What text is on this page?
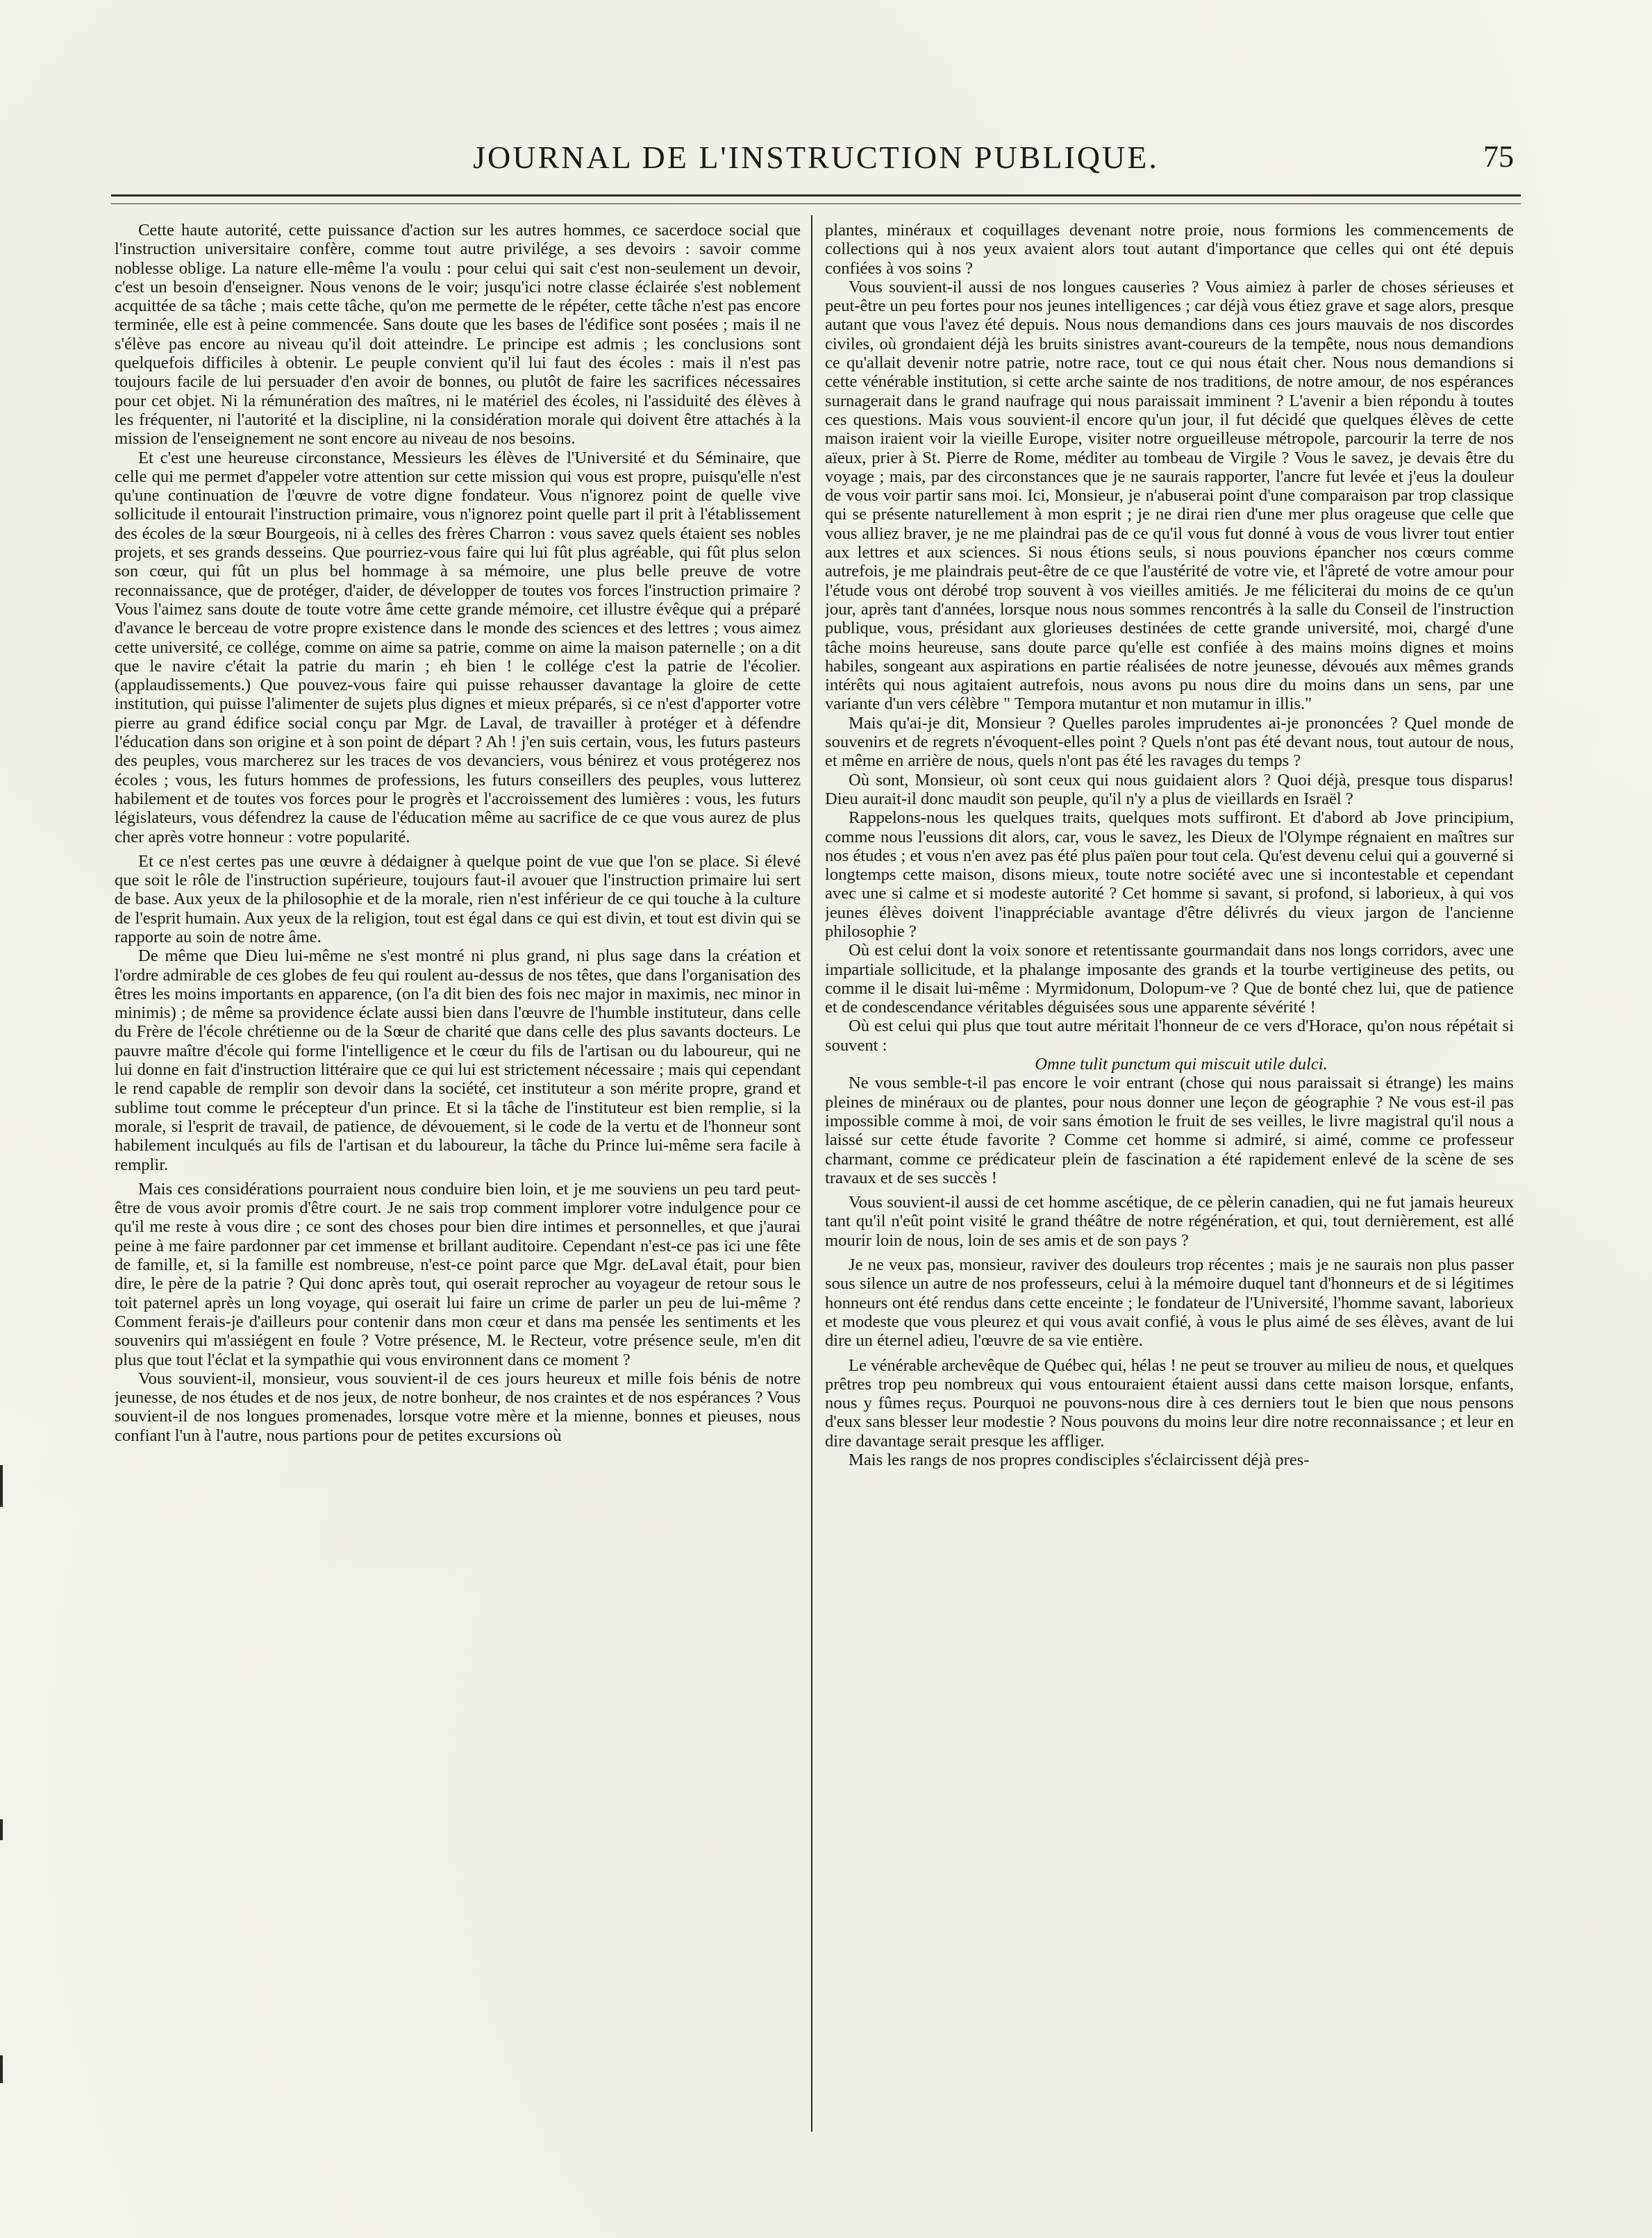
JOURNAL DE L'INSTRUCTION PUBLIQUE.	75

Cette haute autorité, cette puissance d'action sur les autres hommes, ce sacerdoce social que l'instruction universitaire confère, comme tout autre privilége, a ses devoirs : savoir comme noblesse oblige. La nature elle-même l'a voulu : pour celui qui sait c'est non-seulement un devoir, c'est un besoin d'enseigner. Nous venons de le voir; jusqu'ici notre classe éclairée s'est noblement acquittée de sa tâche ; mais cette tâche, qu'on me permette de le répéter, cette tâche n'est pas encore terminée, elle est à peine commencée. Sans doute que les bases de l'édifice sont posées ; mais il ne s'élève pas encore au niveau qu'il doit atteindre. Le principe est admis ; les conclusions sont quelquefois difficiles à obtenir. Le peuple convient qu'il lui faut des écoles : mais il n'est pas toujours facile de lui persuader d'en avoir de bonnes, ou plutôt de faire les sacrifices nécessaires pour cet objet. Ni la rémunération des maîtres, ni le matériel des écoles, ni l'assiduité des élèves à les fréquenter, ni l'autorité et la discipline, ni la considération morale qui doivent être attachés à la mission de l'enseignement ne sont encore au niveau de nos besoins.

Et c'est une heureuse circonstance, Messieurs les élèves de l'Université et du Séminaire, que celle qui me permet d'appeler votre attention sur cette mission qui vous est propre, puisqu'elle n'est qu'une continuation de l'œuvre de votre digne fondateur. Vous n'ignorez point de quelle vive sollicitude il entourait l'instruction primaire, vous n'ignorez point quelle part il prit à l'établissement des écoles de la sœur Bourgeois, ni à celles des frères Charron : vous savez quels étaient ses nobles projets, et ses grands desseins. Que pourriez-vous faire qui lui fût plus agréable, qui fût plus selon son cœur, qui fût un plus bel hommage à sa mémoire, une plus belle preuve de votre reconnaissance, que de protéger, d'aider, de développer de toutes vos forces l'instruction primaire ? Vous l'aimez sans doute de toute votre âme cette grande mémoire, cet illustre évêque qui a préparé d'avance le berceau de votre propre existence dans le monde des sciences et des lettres ; vous aimez cette université, ce collége, comme on aime sa patrie, comme on aime la maison paternelle ; on a dit que le navire c'était la patrie du marin ; eh bien ! le collége c'est la patrie de l'écolier. (applaudissements.) Que pouvez-vous faire qui puisse rehausser davantage la gloire de cette institution, qui puisse l'alimenter de sujets plus dignes et mieux préparés, si ce n'est d'apporter votre pierre au grand édifice social conçu par Mgr. de Laval, de travailler à protéger et à défendre l'éducation dans son origine et à son point de départ ? Ah ! j'en suis certain, vous, les futurs pasteurs des peuples, vous marcherez sur les traces de vos devanciers, vous bénirez et vous protégerez nos écoles ; vous, les futurs hommes de professions, les futurs conseillers des peuples, vous lutterez habilement et de toutes vos forces pour le progrès et l'accroissement des lumières : vous, les futurs législateurs, vous défendrez la cause de l'éducation même au sacrifice de ce que vous aurez de plus cher après votre honneur : votre popularité.

Et ce n'est certes pas une œuvre à dédaigner à quelque point de vue que l'on se place. Si élevé que soit le rôle de l'instruction supérieure, toujours faut-il avouer que l'instruction primaire lui sert de base. Aux yeux de la philosophie et de la morale, rien n'est inférieur de ce qui touche à la culture de l'esprit humain. Aux yeux de la religion, tout est égal dans ce qui est divin, et tout est divin qui se rapporte au soin de notre âme.

De même que Dieu lui-même ne s'est montré ni plus grand, ni plus sage dans la création et l'ordre admirable de ces globes de feu qui roulent au-dessus de nos têtes, que dans l'organisation des êtres les moins importants en apparence, (on l'a dit bien des fois nec major in maximis, nec minor in minimis) ; de même sa providence éclate aussi bien dans l'œuvre de l'humble instituteur, dans celle du Frère de l'école chrétienne ou de la Sœur de charité que dans celle des plus savants docteurs. Le pauvre maître d'école qui forme l'intelligence et le cœur du fils de l'artisan ou du laboureur, qui ne lui donne en fait d'instruction littéraire que ce qui lui est strictement nécessaire ; mais qui cependant le rend capable de remplir son devoir dans la société, cet instituteur a son mérite propre, grand et sublime tout comme le précepteur d'un prince. Et si la tâche de l'instituteur est bien remplie, si la morale, si l'esprit de travail, de patience, de dévouement, si le code de la vertu et de l'honneur sont habilement inculqués au fils de l'artisan et du laboureur, la tâche du Prince lui-même sera facile à remplir.

Mais ces considérations pourraient nous conduire bien loin, et je me souviens un peu tard peut-être de vous avoir promis d'être court. Je ne sais trop comment implorer votre indulgence pour ce qu'il me reste à vous dire ; ce sont des choses pour bien dire intimes et personnelles, et que j'aurai peine à me faire pardonner par cet immense et brillant auditoire. Cependant n'est-ce pas ici une fête de famille, et, si la famille est nombreuse, n'est-ce point parce que Mgr. deLaval était, pour bien dire, le père de la patrie ? Qui donc après tout, qui oserait reprocher au voyageur de retour sous le toit paternel après un long voyage, qui oserait lui faire un crime de parler un peu de lui-même ? Comment ferais-je d'ailleurs pour contenir dans mon cœur et dans ma pensée les sentiments et les souvenirs qui m'assiégent en foule ? Votre présence, M. le Recteur, votre présence seule, m'en dit plus que tout l'éclat et la sympathie qui vous environnent dans ce moment ?

Vous souvient-il, monsieur, vous souvient-il de ces jours heureux et mille fois bénis de notre jeunesse, de nos études et de nos jeux, de notre bonheur, de nos craintes et de nos espérances ? Vous souvient-il de nos longues promenades, lorsque votre mère et la mienne, bonnes et pieuses, nous confiant l'un à l'autre, nous partions pour de petites excursions où

plantes, minéraux et coquillages devenant notre proie, nous formions les commencements de collections qui à nos yeux avaient alors tout autant d'importance que celles qui ont été depuis confiées à vos soins ?

Vous souvient-il aussi de nos longues causeries ? Vous aimiez à parler de choses sérieuses et peut-être un peu fortes pour nos jeunes intelligences ; car déjà vous étiez grave et sage alors, presque autant que vous l'avez été depuis. Nous nous demandions dans ces jours mauvais de nos discordes civiles, où grondaient déjà les bruits sinistres avant-coureurs de la tempête, nous nous demandions ce qu'allait devenir notre patrie, notre race, tout ce qui nous était cher. Nous nous demandions si cette vénérable institution, si cette arche sainte de nos traditions, de notre amour, de nos espérances surnagerait dans le grand naufrage qui nous paraissait imminent ? L'avenir a bien répondu à toutes ces questions. Mais vous souvient-il encore qu'un jour, il fut décidé que quelques élèves de cette maison iraient voir la vieille Europe, visiter notre orgueilleuse métropole, parcourir la terre de nos aïeux, prier à St. Pierre de Rome, méditer au tombeau de Virgile ? Vous le savez, je devais être du voyage ; mais, par des circonstances que je ne saurais rapporter, l'ancre fut levée et j'eus la douleur de vous voir partir sans moi. Ici, Monsieur, je n'abuserai point d'une comparaison par trop classique qui se présente naturellement à mon esprit ; je ne dirai rien d'une mer plus orageuse que celle que vous alliez braver, je ne me plaindrai pas de ce qu'il vous fut donné à vous de vous livrer tout entier aux lettres et aux sciences. Si nous étions seuls, si nous pouvions épancher nos cœurs comme autrefois, je me plaindrais peut-être de ce que l'austérité de votre vie, et l'âpreté de votre amour pour l'étude vous ont dérobé trop souvent à vos vieilles amitiés. Je me féliciterai du moins de ce qu'un jour, après tant d'années, lorsque nous nous sommes rencontrés à la salle du Conseil de l'instruction publique, vous, présidant aux glorieuses destinées de cette grande université, moi, chargé d'une tâche moins heureuse, sans doute parce qu'elle est confiée à des mains moins dignes et moins habiles, songeant aux aspirations en partie réalisées de notre jeunesse, dévoués aux mêmes grands intérêts qui nous agitaient autrefois, nous avons pu nous dire du moins dans un sens, par une variante d'un vers célèbre " Tempora mutantur et non mutamur in illis."

Mais qu'ai-je dit, Monsieur ? Quelles paroles imprudentes ai-je prononcées ? Quel monde de souvenirs et de regrets n'évoquent-elles point ? Quels n'ont pas été devant nous, tout autour de nous, et même en arrière de nous, quels n'ont pas été les ravages du temps ?

Où sont, Monsieur, où sont ceux qui nous guidaient alors ? Quoi déjà, presque tous disparus! Dieu aurait-il donc maudit son peuple, qu'il n'y a plus de vieillards en Israël ?

Rappelons-nous les quelques traits, quelques mots suffiront. Et d'abord ab Jove principium, comme nous l'eussions dit alors, car, vous le savez, les Dieux de l'Olympe régnaient en maîtres sur nos études ; et vous n'en avez pas été plus païen pour tout cela. Qu'est devenu celui qui a gouverné si longtemps cette maison, disons mieux, toute notre société avec une si incontestable et cependant avec une si calme et si modeste autorité ? Cet homme si savant, si profond, si laborieux, à qui vos jeunes élèves doivent l'inappréciable avantage d'être délivrés du vieux jargon de l'ancienne philosophie ?

Où est celui dont la voix sonore et retentissante gourmandait dans nos longs corridors, avec une impartiale sollicitude, et la phalange imposante des grands et la tourbe vertigineuse des petits, ou comme il le disait lui-même : Myrmidonum, Dolopum-ve ? Que de bonté chez lui, que de patience et de condescendance véritables déguisées sous une apparente sévérité !

Où est celui qui plus que tout autre méritait l'honneur de ce vers d'Horace, qu'on nous répétait si souvent :

Omne tulit punctum qui miscuit utile dulci.

Ne vous semble-t-il pas encore le voir entrant (chose qui nous paraissait si étrange) les mains pleines de minéraux ou de plantes, pour nous donner une leçon de géographie ? Ne vous est-il pas impossible comme à moi, de voir sans émotion le fruit de ses veilles, le livre magistral qu'il nous a laissé sur cette étude favorite ? Comme cet homme si admiré, si aimé, comme ce professeur charmant, comme ce prédicateur plein de fascination a été rapidement enlevé de la scène de ses travaux et de ses succès !

Vous souvient-il aussi de cet homme ascétique, de ce pèlerin canadien, qui ne fut jamais heureux tant qu'il n'eût point visité le grand théâtre de notre régénération, et qui, tout dernièrement, est allé mourir loin de nous, loin de ses amis et de son pays ?

Je ne veux pas, monsieur, raviver des douleurs trop récentes ; mais je ne saurais non plus passer sous silence un autre de nos professeurs, celui à la mémoire duquel tant d'honneurs et de si légitimes honneurs ont été rendus dans cette enceinte ; le fondateur de l'Université, l'homme savant, laborieux et modeste que vous pleurez et qui vous avait confié, à vous le plus aimé de ses élèves, avant de lui dire un éternel adieu, l'œuvre de sa vie entière.

Le vénérable archevêque de Québec qui, hélas ! ne peut se trouver au milieu de nous, et quelques prêtres trop peu nombreux qui vous entouraient étaient aussi dans cette maison lorsque, enfants, nous y fûmes reçus. Pourquoi ne pouvons-nous dire à ces derniers tout le bien que nous pensons d'eux sans blesser leur modestie ? Nous pouvons du moins leur dire notre reconnaissance ; et leur en dire davantage serait presque les affliger.

Mais les rangs de nos propres condisciples s'éclaircissent déjà pres-
